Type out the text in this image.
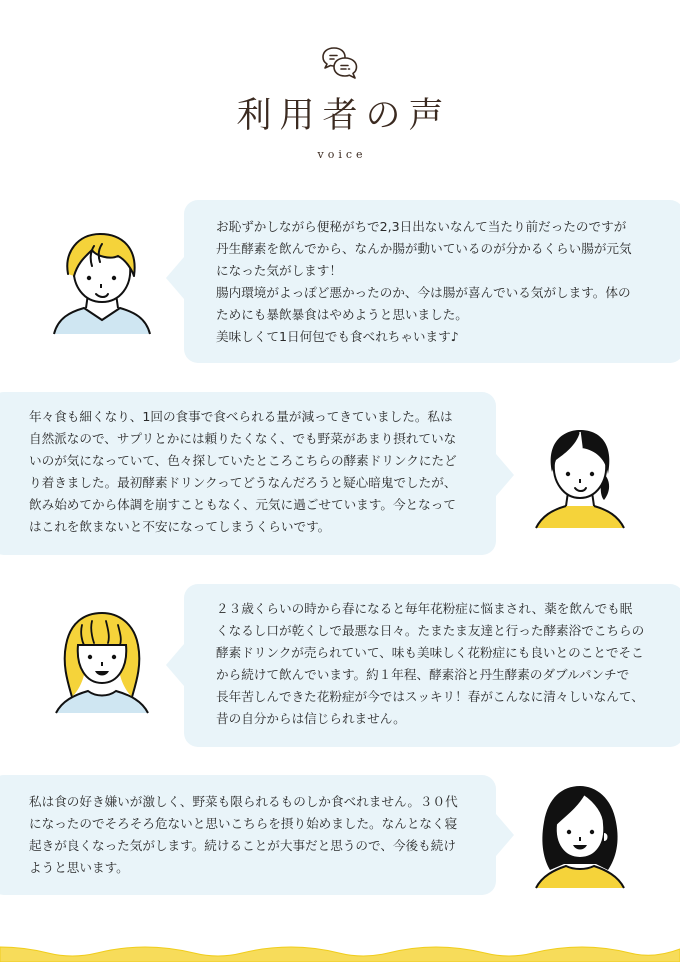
利用者の声
voice
お恥ずかしながら便秘がちで2,3日出ないなんて当たり前だったのですが
丹生酵素を飲んでから、なんか腸が動いているのが分かるくらい腸が元気
になった気がします！
腸内環境がよっぽど悪かったのか、今は腸が喜んでいる気がします。体の
ためにも暴飲暴食はやめようと思いました。
美味しくて1日何包でも食べれちゃいます♪
年々食も細くなり、1回の食事で食べられる量が減ってきていました。私は
自然派なので、サプリとかには頼りたくなく、でも野菜があまり摂れていな
いのが気になっていて、色々探していたところこちらの酵素ドリンクにたど
り着きました。最初酵素ドリンクってどうなんだろうと疑心暗鬼でしたが、
飲み始めてから体調を崩すこともなく、元気に過ごせています。今となって
はこれを飲まないと不安になってしまうくらいです。
２３歳くらいの時から春になると毎年花粉症に悩まされ、薬を飲んでも眠
くなるし口が乾くしで最悪な日々。たまたま友達と行った酵素浴でこちらの
酵素ドリンクが売られていて、味も美味しく花粉症にも良いとのことでそこ
から続けて飲んでいます。約１年程、酵素浴と丹生酵素のダブルパンチで
長年苦しんできた花粉症が今ではスッキリ！春がこんなに清々しいなんて、
昔の自分からは信じられません。
私は食の好き嫌いが激しく、野菜も限られるものしか食べれません。３０代
になったのでそろそろ危ないと思いこちらを摂り始めました。なんとなく寝
起きが良くなった気がします。続けることが大事だと思うので、今後も続け
ようと思います。
